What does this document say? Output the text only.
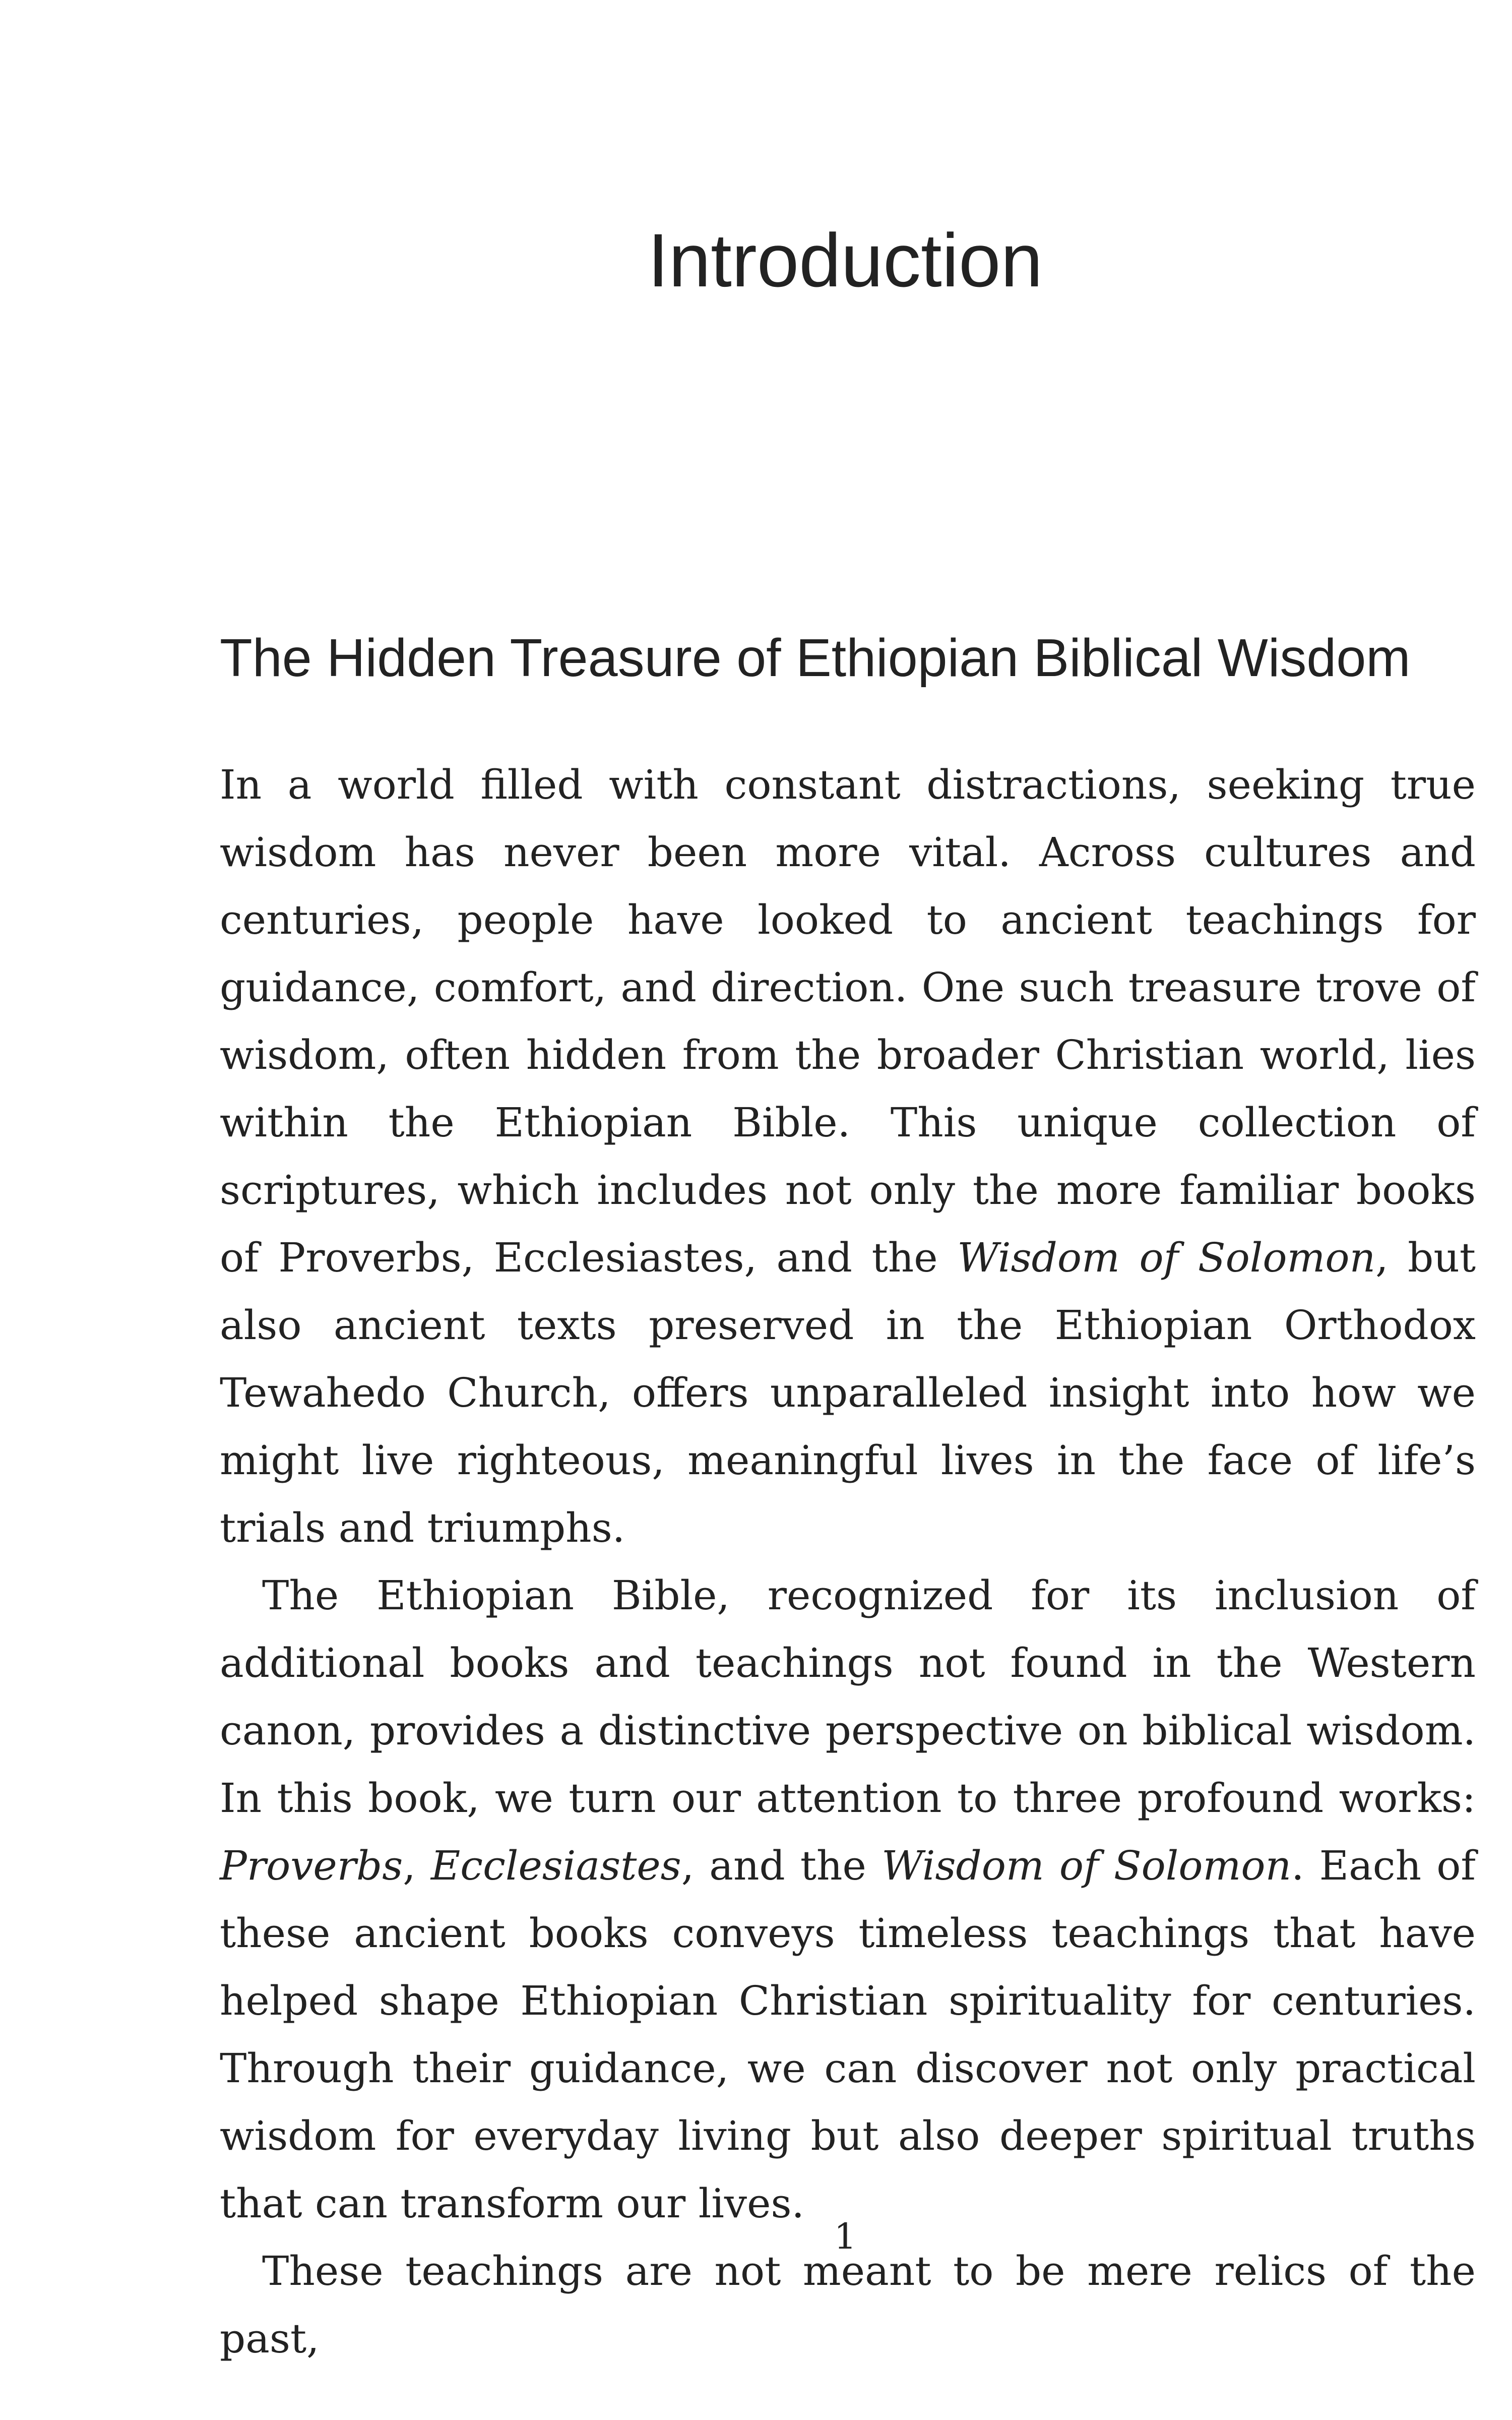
Introduction
The Hidden Treasure of Ethiopian Biblical Wisdom

In a world filled with constant distractions, seeking true wisdom has never been more vital. Across cultures and centuries, people have looked to ancient teachings for guidance, comfort, and direction. One such treasure trove of wisdom, often hidden from the broader Christian world, lies within the Ethiopian Bible. This unique collection of scriptures, which includes not only the more familiar books of Proverbs, Ecclesiastes, and the Wisdom of Solomon, but also ancient texts preserved in the Ethiopian Orthodox Tewahedo Church, offers unparalleled insight into how we might live righteous, meaningful lives in the face of life’s trials and triumphs.

The Ethiopian Bible, recognized for its inclusion of additional books and teachings not found in the Western canon, provides a distinctive perspective on biblical wisdom. In this book, we turn our attention to three profound works: Proverbs, Ecclesiastes, and the Wisdom of Solomon. Each of these ancient books conveys timeless teachings that have helped shape Ethiopian Christian spirituality for centuries. Through their guidance, we can discover not only practical wisdom for everyday living but also deeper spiritual truths that can transform our lives.

These teachings are not meant to be mere relics of the past,

1
